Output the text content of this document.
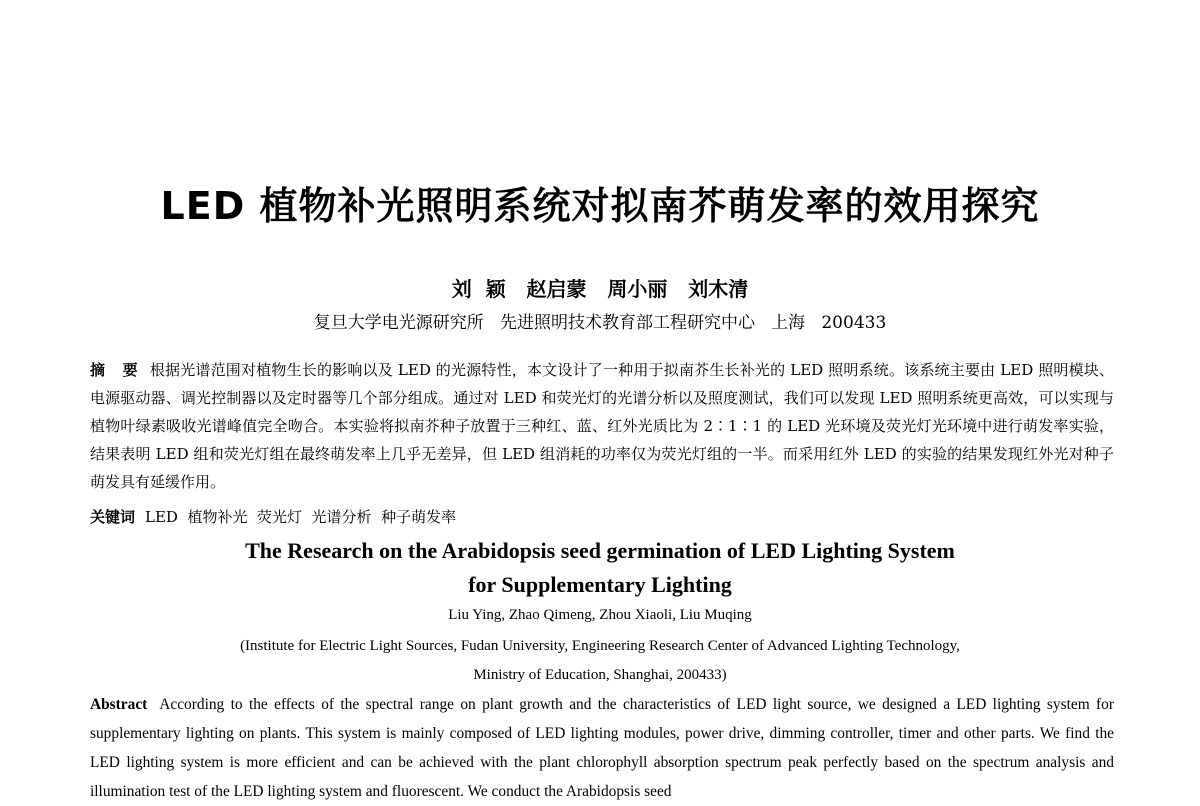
LED 植物补光照明系统对拟南芥萌发率的效用探究
刘  颖   赵启蒙   周小丽   刘木清
复旦大学电光源研究所   先进照明技术教育部工程研究中心   上海   200433
摘 要 根据光谱范围对植物生长的影响以及 LED 的光源特性，本文设计了一种用于拟南芥生长补光的 LED 照明系统。该系统主要由 LED 照明模块、电源驱动器、调光控制器以及定时器等几个部分组成。通过对 LED 和荧光灯的光谱分析以及照度测试，我们可以发现 LED 照明系统更高效，可以实现与植物叶绿素吸收光谱峰值完全吻合。本实验将拟南芥种子放置于三种红、蓝、红外光质比为 2∶1∶1 的 LED 光环境及荧光灯光环境中进行萌发率实验，结果表明 LED 组和荧光灯组在最终萌发率上几乎无差异，但 LED 组消耗的功率仅为荧光灯组的一半。而采用红外 LED 的实验的结果发现红外光对种子萌发具有延缓作用。
关键词 LED  植物补光  荧光灯  光谱分析  种子萌发率
The Research on the Arabidopsis seed germination of LED Lighting System
for Supplementary Lighting
Liu Ying, Zhao Qimeng, Zhou Xiaoli, Liu Muqing
(Institute for Electric Light Sources, Fudan University, Engineering Research Center of Advanced Lighting Technology,
Ministry of Education, Shanghai, 200433)
Abstract According to the effects of the spectral range on plant growth and the characteristics of LED light source, we designed a LED lighting system for supplementary lighting on plants. This system is mainly composed of LED lighting modules, power drive, dimming controller, timer and other parts. We find the LED lighting system is more efficient and can be achieved with the plant chlorophyll absorption spectrum peak perfectly based on the spectrum analysis and illumination test of the LED lighting system and fluorescent. We conduct the Arabidopsis seed
